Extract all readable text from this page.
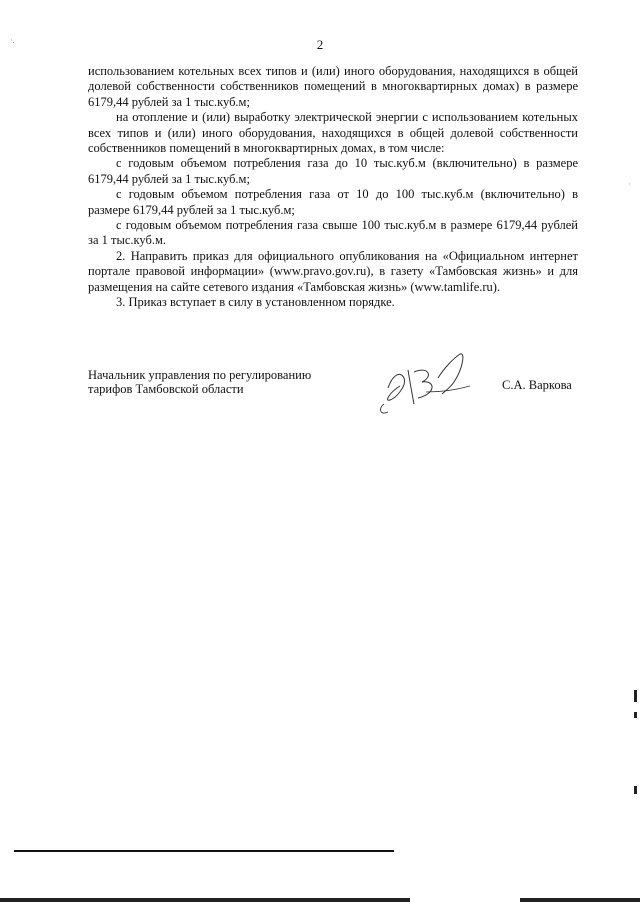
2

использованием котельных всех типов и (или) иного оборудования, находящихся в общей долевой собственности собственников помещений в многоквартирных домах) в размере 6179,44 рублей за 1 тыс.куб.м;

на отопление и (или) выработку электрической энергии с использованием котельных всех типов и (или) иного оборудования, находящихся в общей долевой собственности собственников помещений в многоквартирных домах, в том числе:

с годовым объемом потребления газа до 10 тыс.куб.м (включительно) в размере 6179,44 рублей за 1 тыс.куб.м;

с годовым объемом потребления газа от 10 до 100 тыс.куб.м (включительно) в размере 6179,44 рублей за 1 тыс.куб.м;

с годовым объемом потребления газа свыше 100 тыс.куб.м в размере 6179,44 рублей за 1 тыс.куб.м.

2. Направить приказ для официального опубликования на «Официальном интернет портале правовой информации» (www.pravo.gov.ru), в газету «Тамбовская жизнь» и для размещения на сайте сетевого издания «Тамбовская жизнь» (www.tamlife.ru).

3. Приказ вступает в силу в установленном порядке.

Начальник управления по регулированию
тарифов Тамбовской области	С.А. Варкова
·.
·
